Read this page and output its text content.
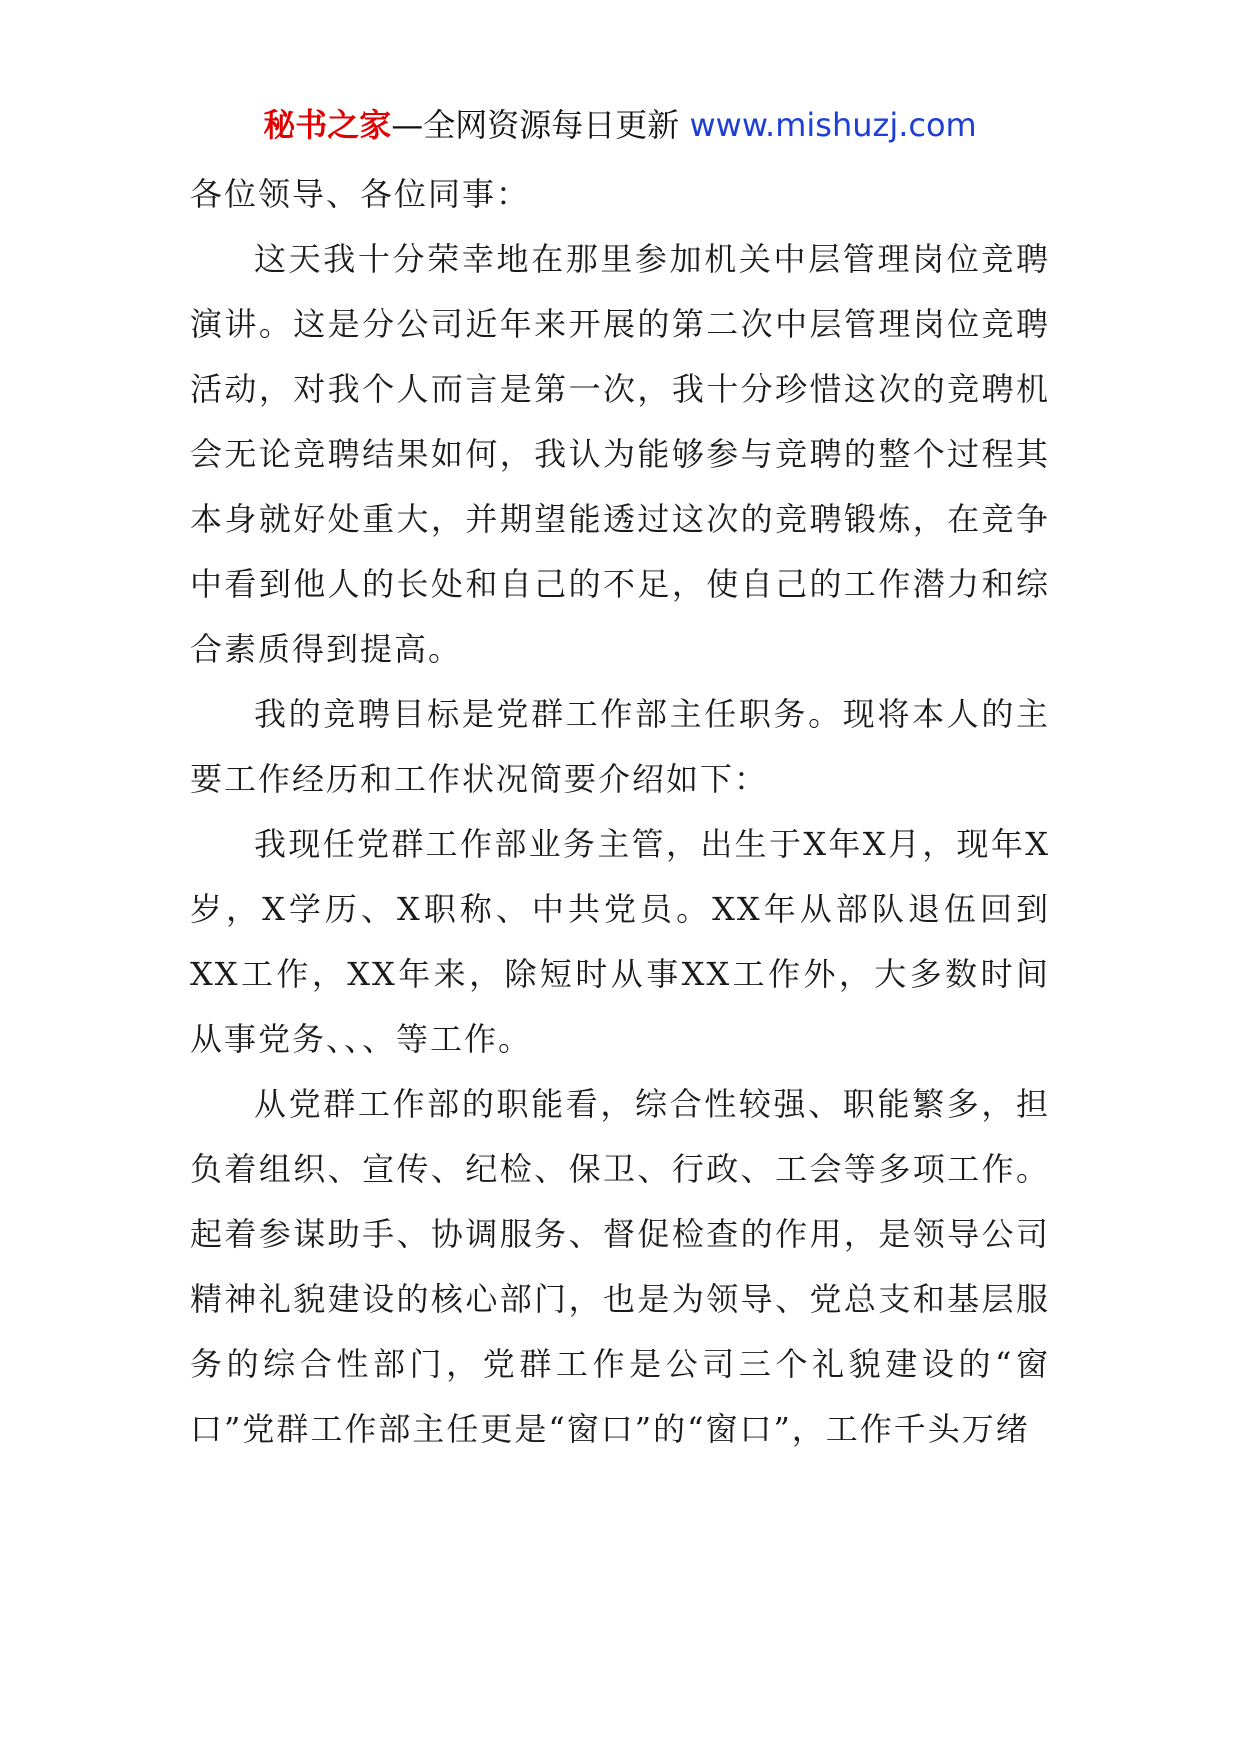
秘书之家—全网资源每日更新 www.mishuzj.com

各位领导、各位同事：

这天我十分荣幸地在那里参加机关中层管理岗位竞聘演讲。这是分公司近年来开展的第二次中层管理岗位竞聘活动，对我个人而言是第一次，我十分珍惜这次的竞聘机会无论竞聘结果如何，我认为能够参与竞聘的整个过程其本身就好处重大，并期望能透过这次的竞聘锻炼，在竞争中看到他人的长处和自己的不足，使自己的工作潜力和综合素质得到提高。

我的竞聘目标是党群工作部主任职务。现将本人的主要工作经历和工作状况简要介绍如下：

我现任党群工作部业务主管，出生于X年X月，现年X岁，X学历、X职称、中共党员。XX年从部队退伍回到XX工作，XX年来，除短时从事XX工作外，大多数时间从事党务、、、等工作。

从党群工作部的职能看，综合性较强、职能繁多，担负着组织、宣传、纪检、保卫、行政、工会等多项工作。起着参谋助手、协调服务、督促检查的作用，是领导公司精神礼貌建设的核心部门，也是为领导、党总支和基层服务的综合性部门，党群工作是公司三个礼貌建设的“窗口”党群工作部主任更是“窗口”的“窗口”，工作千头万绪
